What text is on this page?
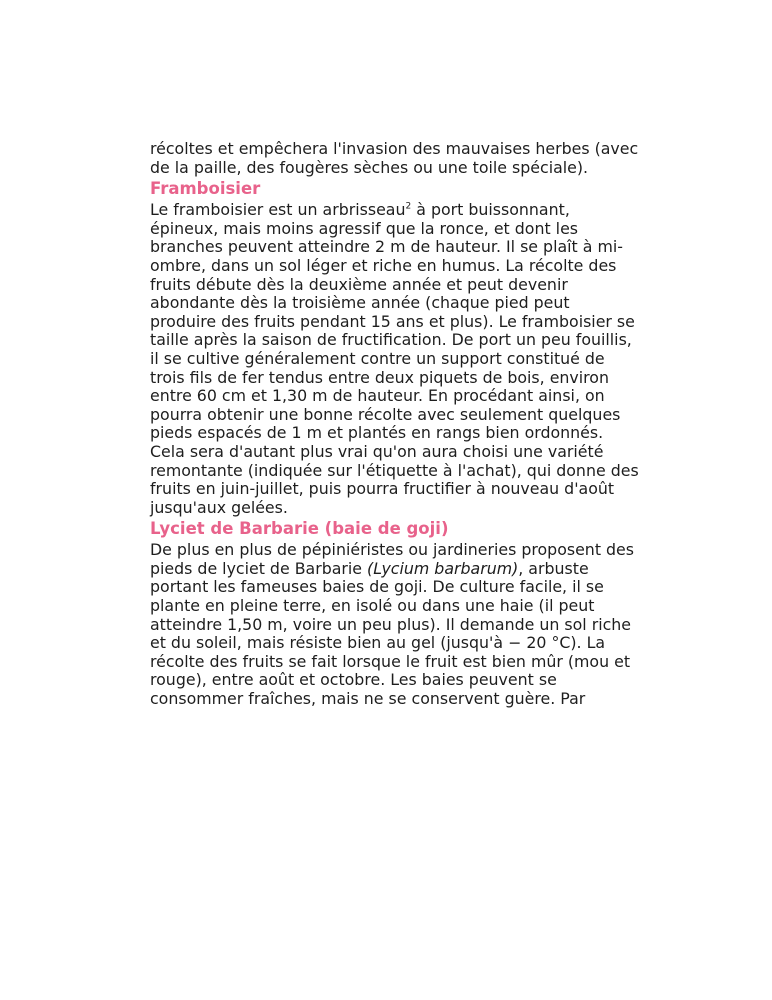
récoltes et empêchera l'invasion des mauvaises herbes (avec de la paille, des fougères sèches ou une toile spéciale).

Framboisier

Le framboisier est un arbrisseau$^2$ à port buissonnant, épineux, mais moins agressif que la ronce, et dont les branches peuvent atteindre 2 m de hauteur. Il se plaît à mi-ombre, dans un sol léger et riche en humus. La récolte des fruits débute dès la deuxième année et peut devenir abondante dès la troisième année (chaque pied peut produire des fruits pendant 15 ans et plus). Le framboisier se taille après la saison de fructification. De port un peu fouillis, il se cultive généralement contre un support constitué de trois fils de fer tendus entre deux piquets de bois, environ entre 60 cm et 1,30 m de hauteur. En procédant ainsi, on pourra obtenir une bonne récolte avec seulement quelques pieds espacés de 1 m et plantés en rangs bien ordonnés. Cela sera d'autant plus vrai qu'on aura choisi une variété remontante (indiquée sur l'étiquette à l'achat), qui donne des fruits en juin-juillet, puis pourra fructifier à nouveau d'août jusqu'aux gelées.

Lyciet de Barbarie (baie de goji)

De plus en plus de pépiniéristes ou jardineries proposent des pieds de lyciet de Barbarie (Lycium barbarum), arbuste portant les fameuses baies de goji. De culture facile, il se plante en pleine terre, en isolé ou dans une haie (il peut atteindre 1,50 m, voire un peu plus). Il demande un sol riche et du soleil, mais résiste bien au gel (jusqu'à − 20 °C). La récolte des fruits se fait lorsque le fruit est bien mûr (mou et rouge), entre août et octobre. Les baies peuvent se consommer fraîches, mais ne se conservent guère. Par
